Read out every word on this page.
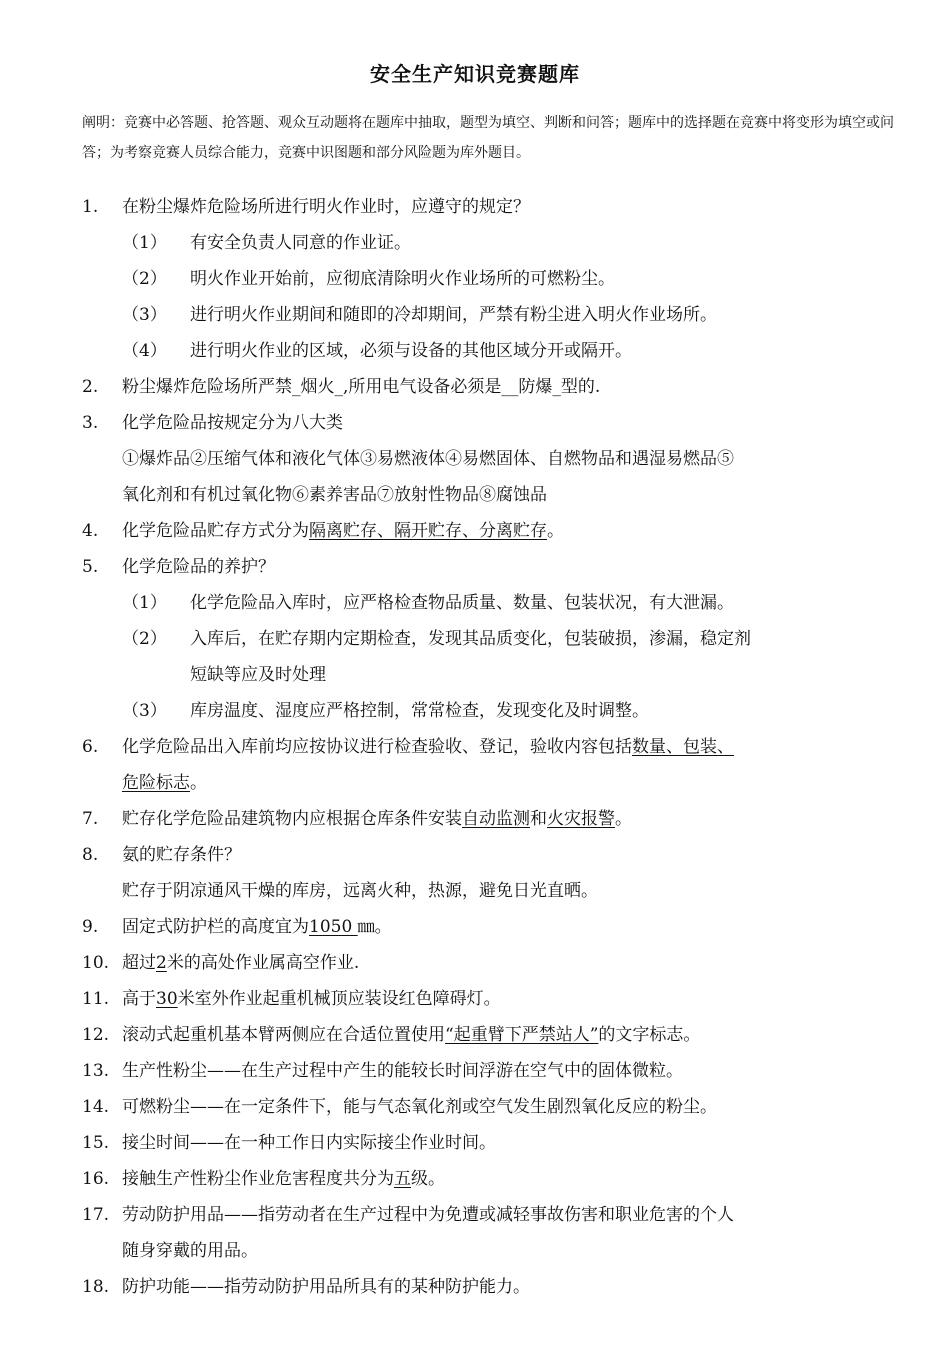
安全生产知识竞赛题库
阐明：竞赛中必答题、抢答题、观众互动题将在题库中抽取，题型为填空、判断和问答；题库中的选择题在竞赛中将变形为填空或问答；为考察竞赛人员综合能力，竞赛中识图题和部分风险题为库外题目。
1. 在粉尘爆炸危险场所进行明火作业时，应遵守的规定？
（1） 有安全负责人同意的作业证。
（2） 明火作业开始前，应彻底清除明火作业场所的可燃粉尘。
（3） 进行明火作业期间和随即的冷却期间，严禁有粉尘进入明火作业场所。
（4） 进行明火作业的区域，必须与设备的其他区域分开或隔开。
2. 粉尘爆炸危险场所严禁_烟火_,所用电气设备必须是__防爆_型的.
3. 化学危险品按规定分为八大类
①爆炸品②压缩气体和液化气体③易燃液体④易燃固体、自燃物品和遇湿易燃品⑤
氧化剂和有机过氧化物⑥素养害品⑦放射性物品⑧腐蚀品
4. 化学危险品贮存方式分为隔离贮存、隔开贮存、分离贮存。
5. 化学危险品的养护？
（1） 化学危险品入库时，应严格检查物品质量、数量、包装状况，有大泄漏。
（2） 入库后，在贮存期内定期检查，发现其品质变化，包装破损，渗漏，稳定剂
短缺等应及时处理
（3） 库房温度、湿度应严格控制，常常检查，发现变化及时调整。
6. 化学危险品出入库前均应按协议进行检查验收、登记，验收内容包括数量、包装、
危险标志。
7. 贮存化学危险品建筑物内应根据仓库条件安装自动监测和火灾报警。
8. 氨的贮存条件？
贮存于阴凉通风干燥的库房，远离火种，热源，避免日光直晒。
9. 固定式防护栏的高度宜为1050 ㎜。
10. 超过2米的高处作业属高空作业.
11. 高于30米室外作业起重机械顶应装设红色障碍灯。
12. 滚动式起重机基本臂两侧应在合适位置使用“起重臂下严禁站人”的文字标志。
13. 生产性粉尘——在生产过程中产生的能较长时间浮游在空气中的固体微粒。
14. 可燃粉尘——在一定条件下，能与气态氧化剂或空气发生剧烈氧化反应的粉尘。
15. 接尘时间——在一种工作日内实际接尘作业时间。
16. 接触生产性粉尘作业危害程度共分为五级。
17. 劳动防护用品——指劳动者在生产过程中为免遭或减轻事故伤害和职业危害的个人
随身穿戴的用品。
18. 防护功能——指劳动防护用品所具有的某种防护能力。
